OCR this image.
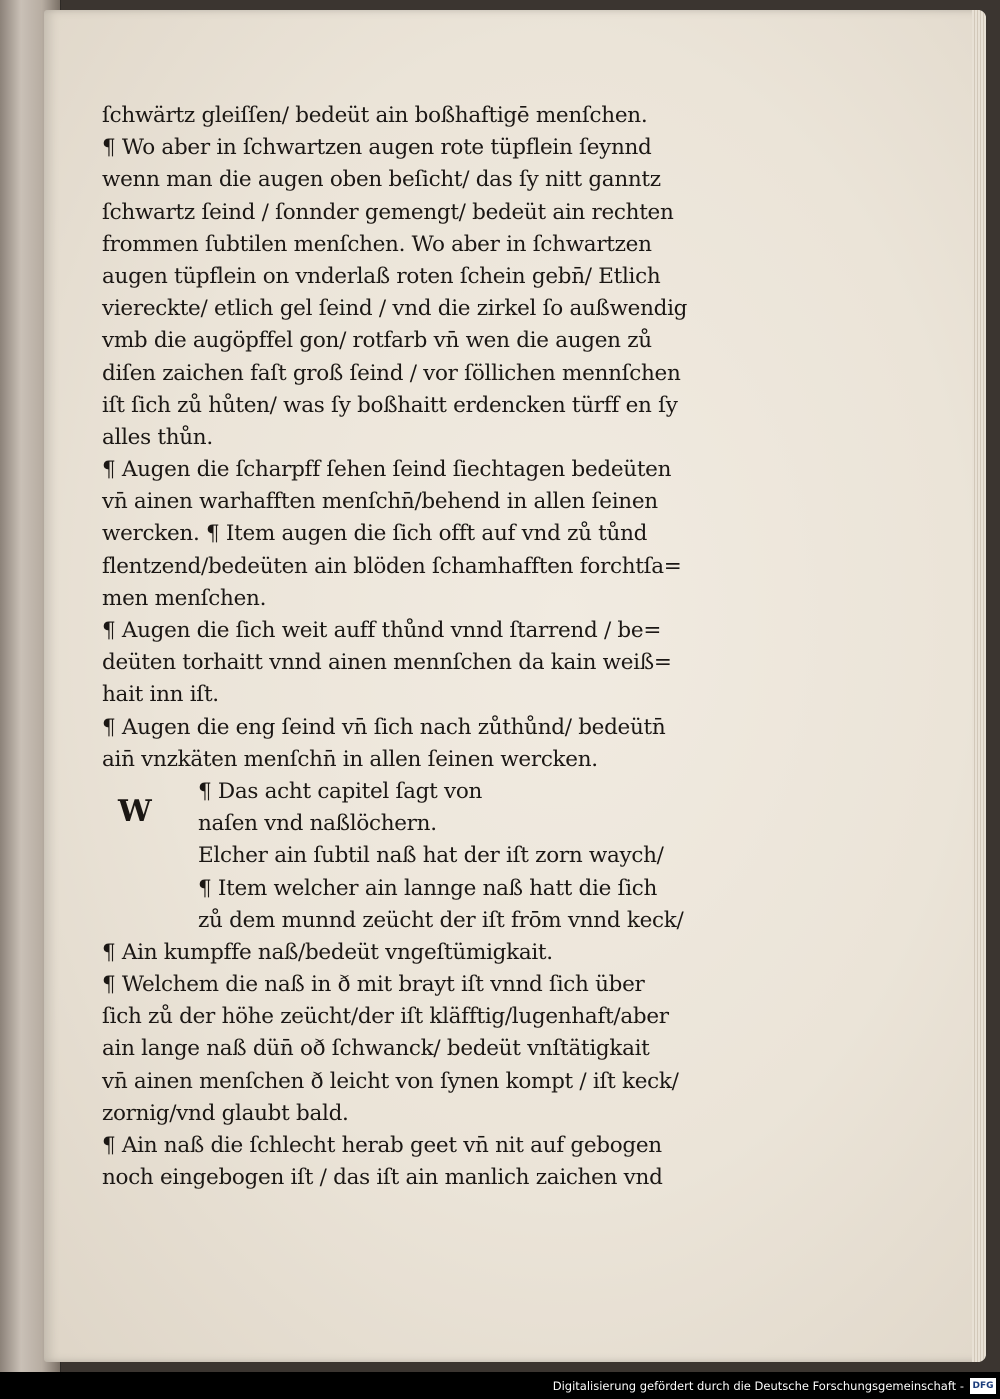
ſchwärtz gleiſſen/ bedeüt ain boßhaftigē menſchen.
¶ Wo aber in ſchwartzen augen rote tüpflein ſeynnd
wenn man die augen oben beſicht/ das ſy nitt ganntz
ſchwartz ſeind / ſonnder gemengt/ bedeüt ain rechten
frommen ſubtilen menſchen. Wo aber in ſchwartzen
augen tüpflein on vnderlaß roten ſchein gebn̄/ Etlich
viereckte/ etlich gel ſeind / vnd die zirkel ſo außwendig
vmb die augöpffel gon/ rotfarb vn̄ wen die augen zů
diſen zaichen faſt groß ſeind / vor ſöllichen mennſchen
iſt ſich zů hůten/ was ſy boßhaitt erdencken türff en ſy
alles thůn.
¶ Augen die ſcharpff ſehen ſeind ſiechtagen bedeüten
vn̄ ainen warhafften menſchn̄/behend in allen ſeinen
wercken. ¶ Item augen die ſich offt auf vnd zů tůnd
flentzend/bedeüten ain blöden ſchamhafften forchtſa=
men menſchen.
¶ Augen die ſich weit auff thůnd vnnd ſtarrend / be=
deüten torhaitt vnnd ainen mennſchen da kain weiß=
hait inn iſt.
¶ Augen die eng ſeind vn̄ ſich nach zůthůnd/ bedeütn̄
ain̄ vnzkäten menſchn̄ in allen ſeinen wercken.
¶ Das acht capitel ſagt von
naſen vnd naßlöchern.
Elcher ain ſubtil naß hat der iſt zorn waych/
¶ Item welcher ain lannge naß hatt die ſich
zů dem munnd zeücht der iſt frōm vnnd keck/
¶ Ain kumpffe naß/bedeüt vngeſtümigkait.
¶ Welchem die naß in ð mit brayt iſt vnnd ſich über
ſich zů der höhe zeücht/der iſt kläfftig/lugenhaft/aber
ain lange naß dün̄ oð ſchwanck/ bedeüt vnſtätigkait
vn̄ ainen menſchen ð leicht von ſynen kompt / iſt keck/
zornig/vnd glaubt bald.
¶ Ain naß die ſchlecht herab geet vn̄ nit auf gebogen
noch eingebogen iſt / das iſt ain manlich zaichen vnd
W
Digitalisierung gefördert durch die Deutsche Forschungsgemeinschaft - DFG
